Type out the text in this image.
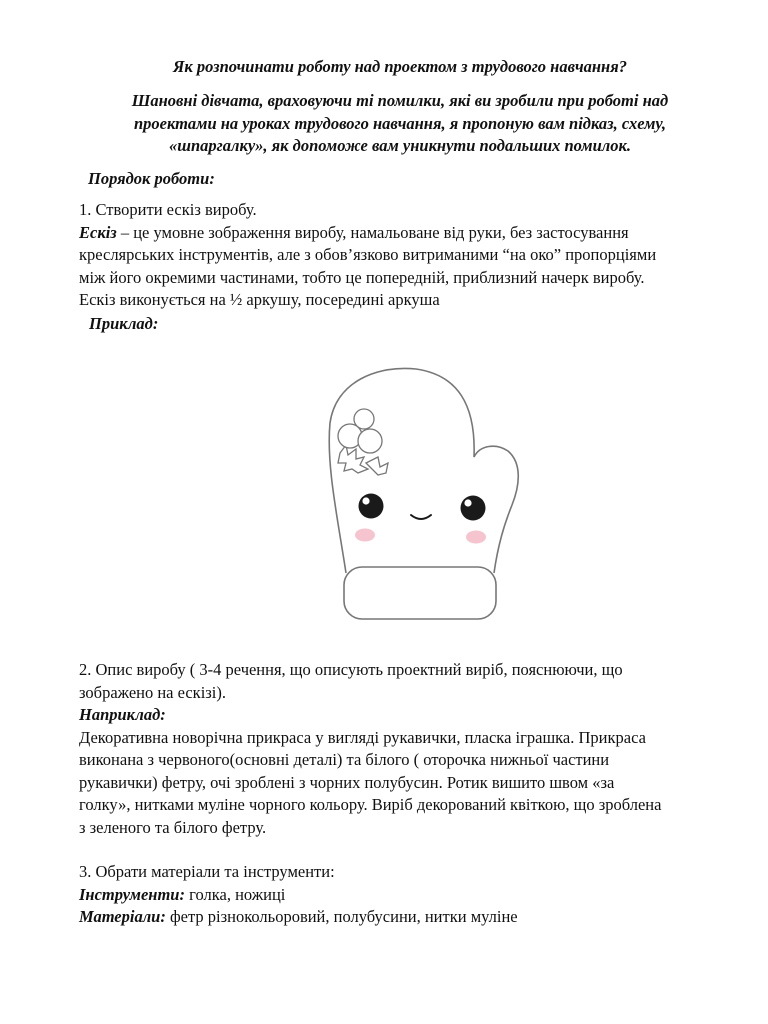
Як розпочинати роботу над проектом з трудового навчання?

Шановні дівчата, враховуючи ті помилки, які ви зробили при роботі над

проектами на уроках трудового навчання, я пропоную вам підказ, схему,

«шпаргалку», як допоможе вам уникнути подальших помилок.

Порядок роботи:

1. Створити ескіз виробу.

Ескіз – це умовне зображення виробу, намальоване від руки, без застосування

креслярських інструментів, але з обов’язково витриманими “на око” пропорціями

між його окремими частинами, тобто це попередній, приблизний начерк виробу.

Ескіз виконується на ½ аркушу, посередині аркуша

Приклад:

2. Опис виробу ( 3-4 речення, що описують проектний виріб, пояснюючи, що

зображено на ескізі).

Наприклад:

Декоративна новорічна прикраса у вигляді рукавички, пласка іграшка. Прикраса

виконана з червоного(основні деталі) та білого ( оторочка нижньої частини

рукавички) фетру, очі зроблені з чорних полубусин. Ротик вишито швом «за

голку», нитками муліне чорного кольору. Виріб декорований квіткою, що зроблена

з зеленого та білого фетру.

3. Обрати матеріали та інструменти:

Інструменти: голка, ножиці

Матеріали: фетр різнокольоровий, полубусини, нитки муліне
